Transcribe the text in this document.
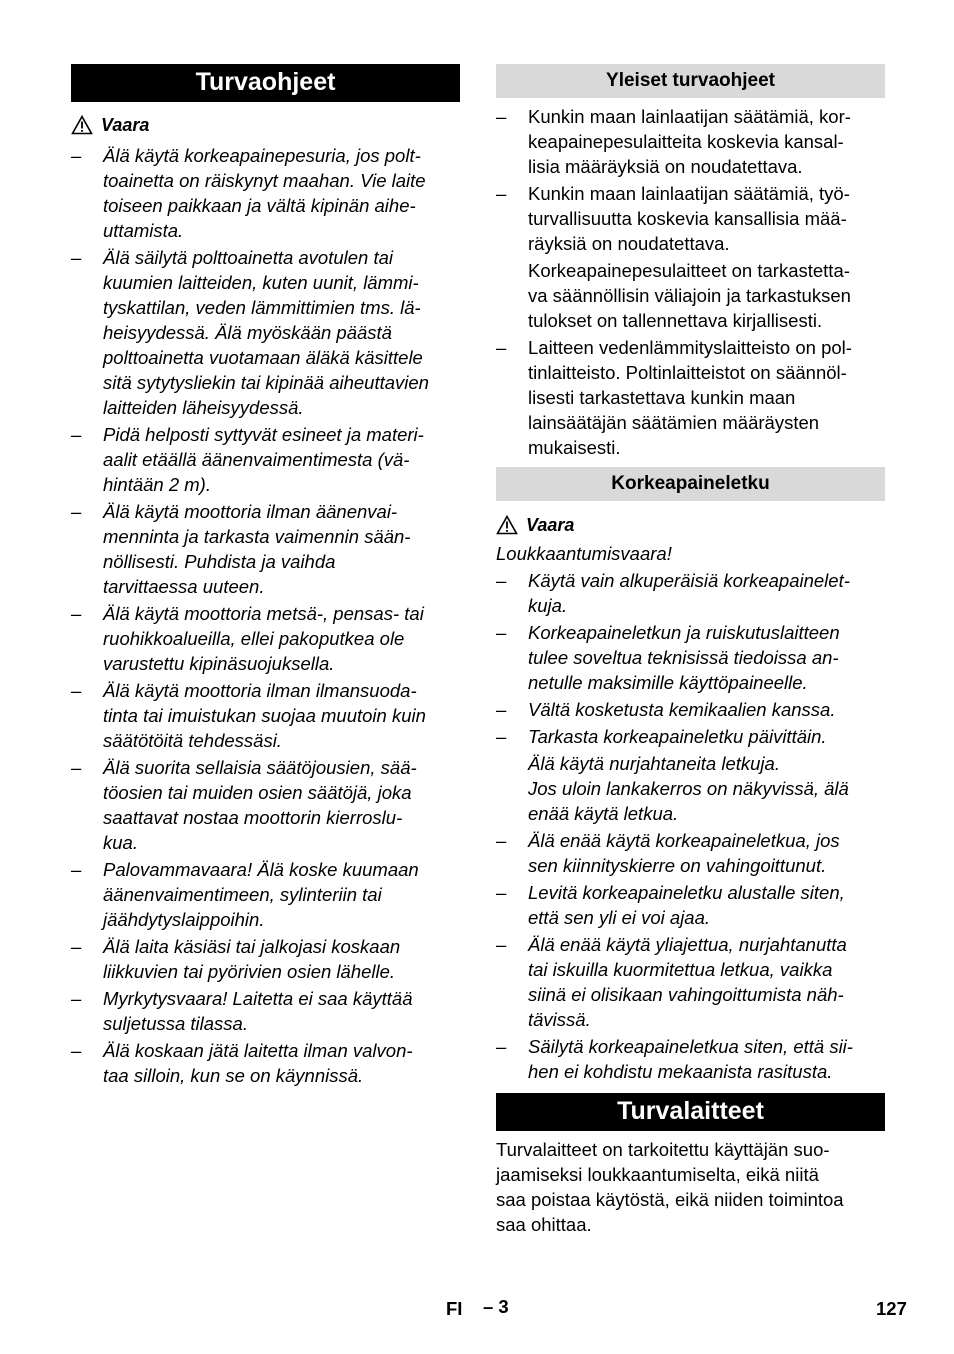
Turvaohjeet
Vaara
– Älä käytä korkeapainepesuria, jos polt-
toainetta on räiskynyt maahan. Vie laite
toiseen paikkaan ja vältä kipinän aihe-
uttamista.
– Älä säilytä polttoainetta avotulen tai
kuumien laitteiden, kuten uunit, lämmi-
tyskattilan, veden lämmittimien tms. lä-
heisyydessä. Älä myöskään päästä
polttoainetta vuotamaan äläkä käsittele
sitä sytytysliekin tai kipinää aiheuttavien
laitteiden läheisyydessä.
– Pidä helposti syttyvät esineet ja materi-
aalit etäällä äänenvaimentimesta (vä-
hintään 2 m).
– Älä käytä moottoria ilman äänenvai-
menninta ja tarkasta vaimennin sään-
nöllisesti. Puhdista ja vaihda
tarvittaessa uuteen.
– Älä käytä moottoria metsä-, pensas- tai
ruohikkoalueilla, ellei pakoputkea ole
varustettu kipinäsuojuksella.
– Älä käytä moottoria ilman ilmansuoda-
tinta tai imuistukan suojaa muutoin kuin
säätötöitä tehdessäsi.
– Älä suorita sellaisia säätöjousien, sää-
töosien tai muiden osien säätöjä, joka
saattavat nostaa moottorin kierroslu-
kua.
– Palovammavaara! Älä koske kuumaan
äänenvaimentimeen, sylinteriin tai
jäähdytyslaippoihin.
– Älä laita käsiäsi tai jalkojasi koskaan
liikkuvien tai pyörivien osien lähelle.
– Myrkytysvaara! Laitetta ei saa käyttää
suljetussa tilassa.
– Älä koskaan jätä laitetta ilman valvon-
taa silloin, kun se on käynnissä.
Yleiset turvaohjeet
– Kunkin maan lainlaatijan säätämiä, kor-
keapainepesulaitteita koskevia kansal-
lisia määräyksiä on noudatettava.
– Kunkin maan lainlaatijan säätämiä, työ-
turvallisuutta koskevia kansallisia mää-
räyksiä on noudatettava.
Korkeapainepesulaitteet on tarkastetta-
va säännöllisin väliajoin ja tarkastuksen
tulokset on tallennettava kirjallisesti.
– Laitteen vedenlämmityslaitteisto on pol-
tinlaitteisto. Poltinlaitteistot on säännöl-
lisesti tarkastettava kunkin maan
lainsäätäjän säätämien määräysten
mukaisesti.
Korkeapaineletku
Vaara
Loukkaantumisvaara!
– Käytä vain alkuperäisiä korkeapainelet-
kuja.
– Korkeapaineletkun ja ruiskutuslaitteen
tulee soveltua teknisissä tiedoissa an-
netulle maksimille käyttöpaineelle.
– Vältä kosketusta kemikaalien kanssa.
– Tarkasta korkeapaineletku päivittäin.
Älä käytä nurjahtaneita letkuja.
Jos uloin lankakerros on näkyvissä, älä
enää käytä letkua.
– Älä enää käytä korkeapaineletkua, jos
sen kiinnityskierre on vahingoittunut.
– Levitä korkeapaineletku alustalle siten,
että sen yli ei voi ajaa.
– Älä enää käytä yliajettua, nurjahtanutta
tai iskuilla kuormitettua letkua, vaikka
siinä ei olisikaan vahingoittumista näh-
tävissä.
– Säilytä korkeapaineletkua siten, että sii-
hen ei kohdistu mekaanista rasitusta.
Turvalaitteet

Turvalaitteet on tarkoitettu käyttäjän suo-
jaamiseksi loukkaantumiselta, eikä niitä
saa poistaa käytöstä, eikä niiden toimintoa
saa ohittaa.

FI – 3	127
